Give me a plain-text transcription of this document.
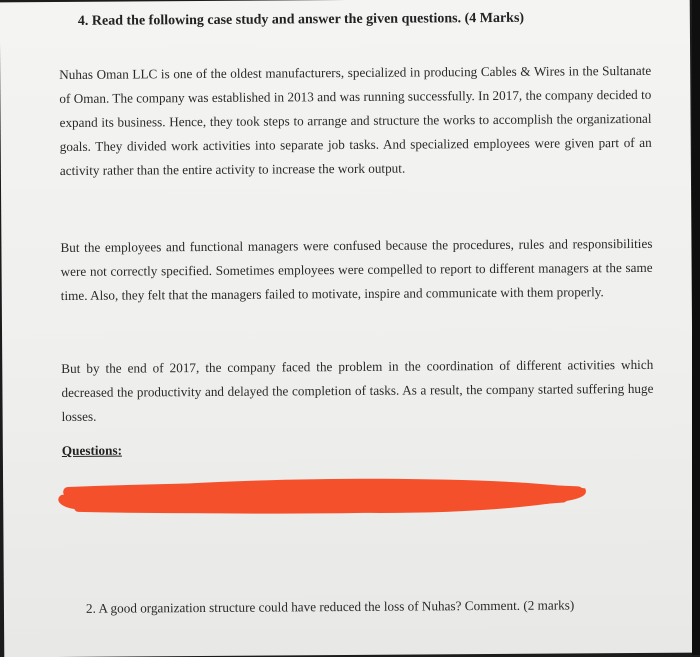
4. Read the following case study and answer the given questions. (4 Marks)
Nuhas Oman LLC is one of the oldest manufacturers, specialized in producing Cables & Wires in the Sultanate of Oman. The company was established in 2013 and was running successfully. In 2017, the company decided to expand its business. Hence, they took steps to arrange and structure the works to accomplish the organizational goals. They divided work activities into separate job tasks. And specialized employees were given part of an activity rather than the entire activity to increase the work output.
But the employees and functional managers were confused because the procedures, rules and responsibilities were not correctly specified. Sometimes employees were compelled to report to different managers at the same time. Also, they felt that the managers failed to motivate, inspire and communicate with them properly.
But by the end of 2017, the company faced the problem in the coordination of different activities which decreased the productivity and delayed the completion of tasks. As a result, the company started suffering huge losses.
Questions:
2. A good organization structure could have reduced the loss of Nuhas? Comment. (2 marks)
